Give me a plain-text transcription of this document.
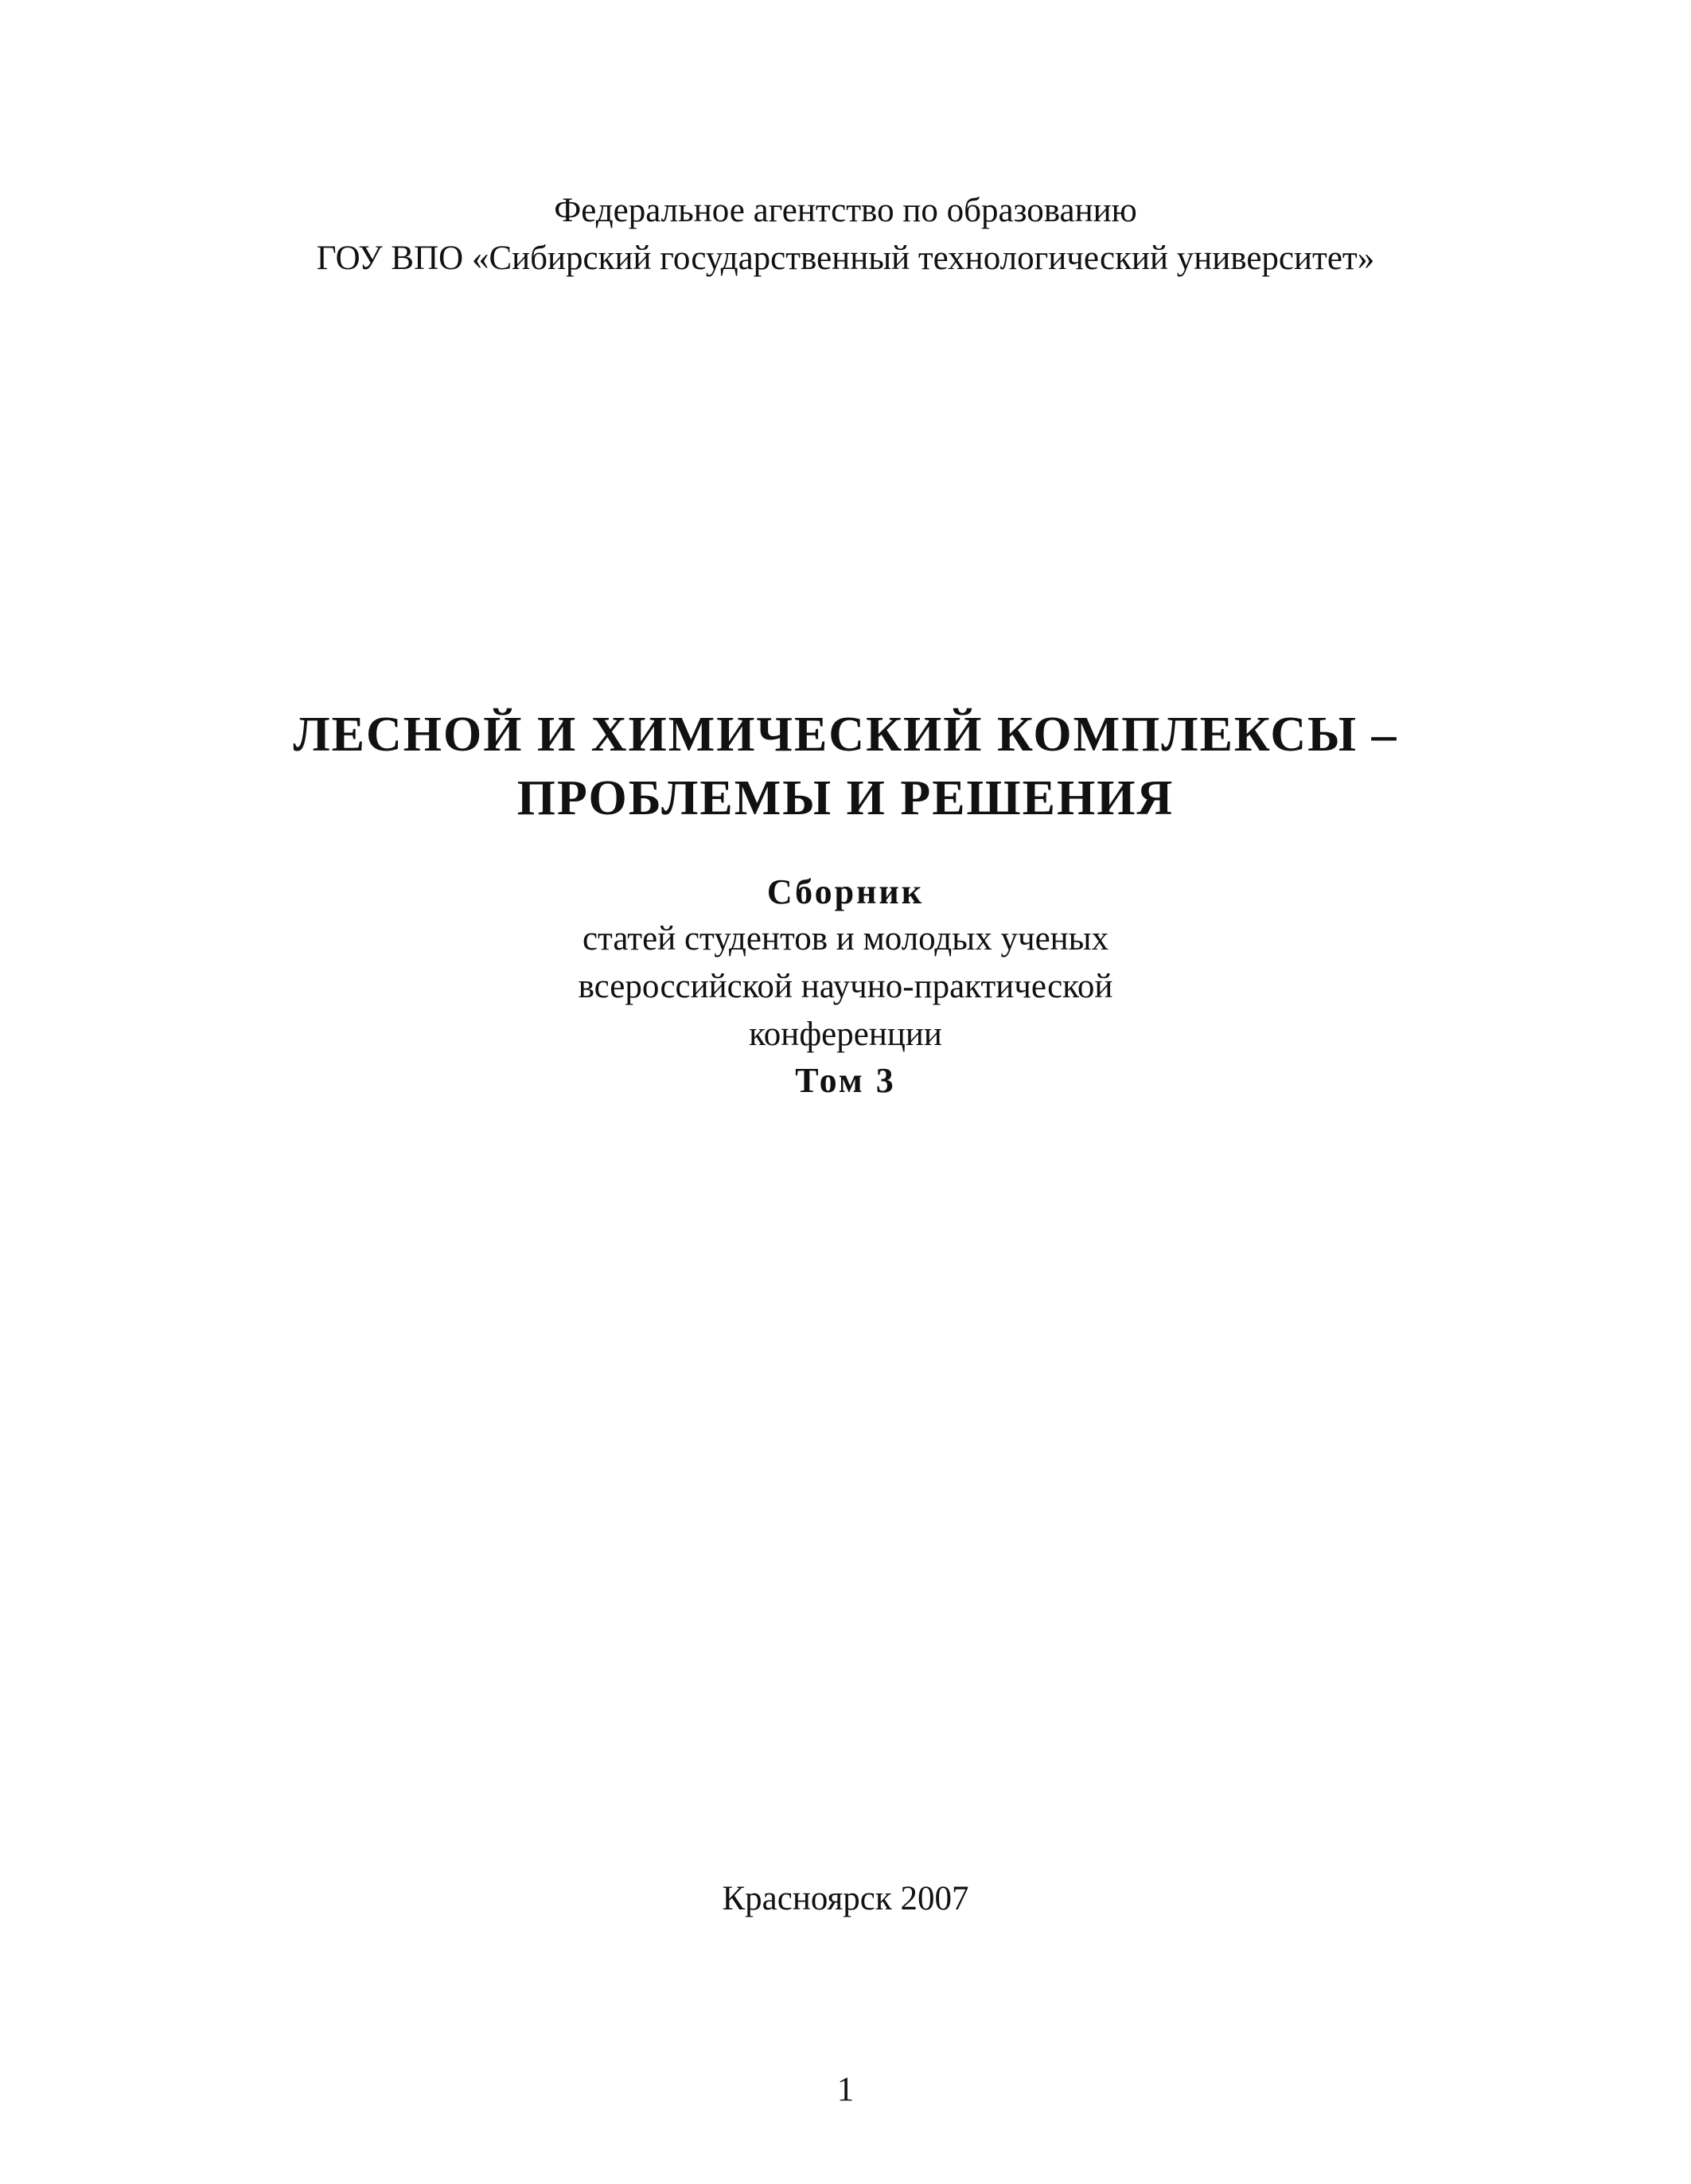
Федеральное агентство по образованию
ГОУ ВПО «Сибирский государственный технологический университет»
ЛЕСНОЙ И ХИМИЧЕСКИЙ КОМПЛЕКСЫ –
ПРОБЛЕМЫ И РЕШЕНИЯ
Сборник
статей студентов и молодых ученых
всероссийской научно-практической
конференции
Том 3
Красноярск 2007
1
